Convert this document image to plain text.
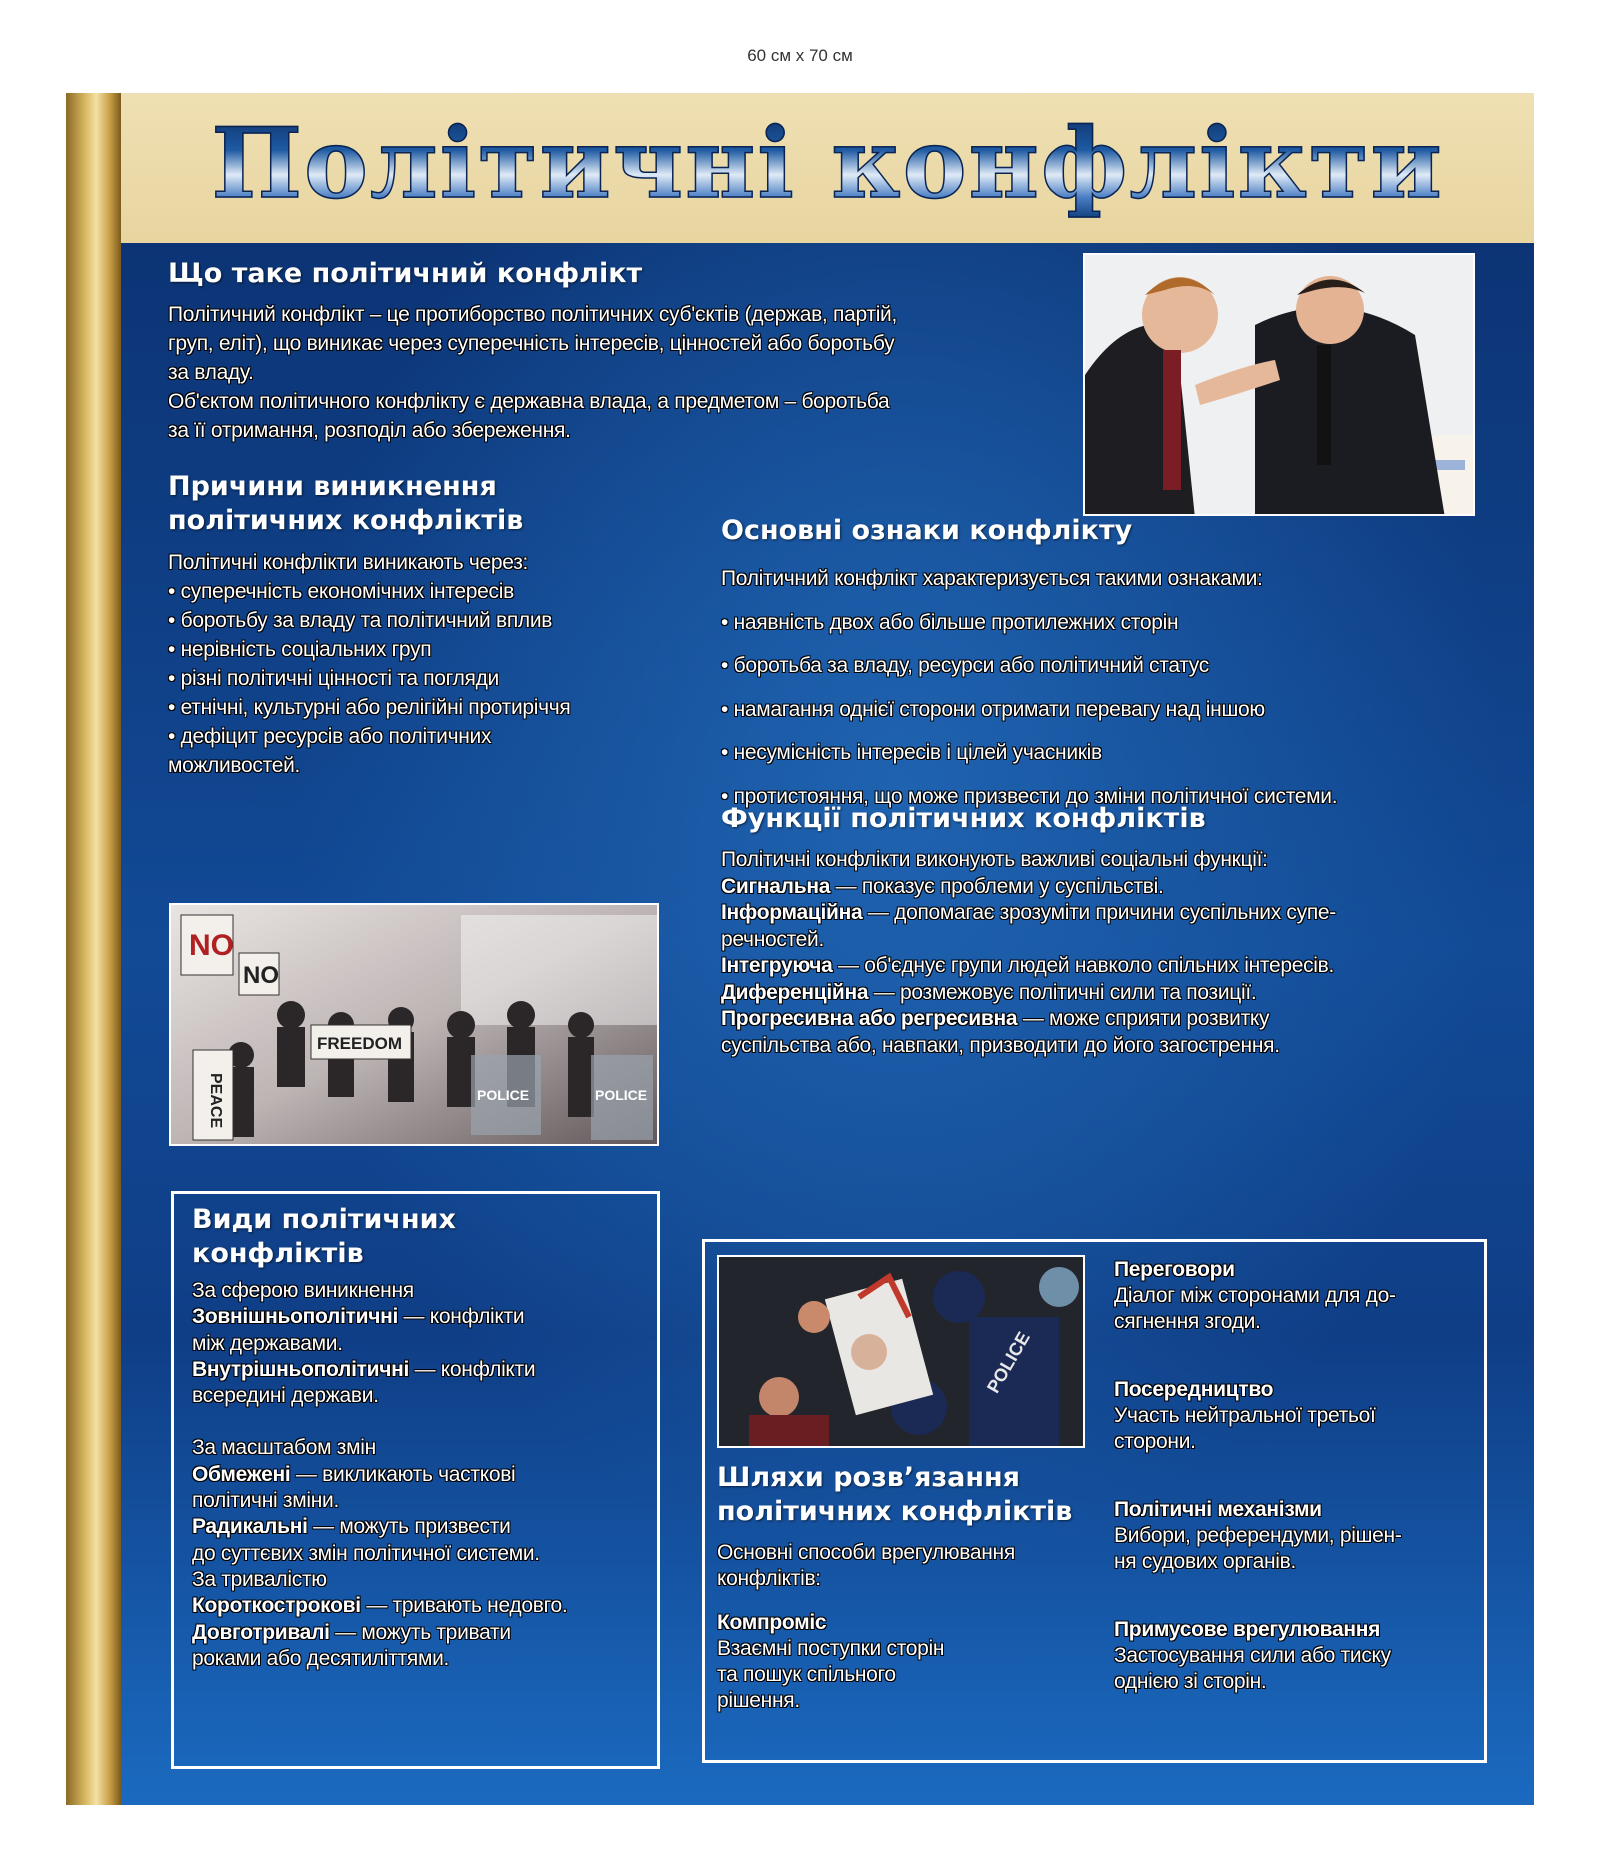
60 см x 70 см
Політичні конфлікти
Що таке політичний конфлікт
Політичний конфлікт – це протиборство політичних суб'єктів (держав, партій,
груп, еліт), що виникає через суперечність інтересів, цінностей або боротьбу
за владу.
Об'єктом політичного конфлікту є державна влада, а предметом – боротьба
за її отримання, розподіл або збереження.
Причини виникнення
політичних конфліктів
Політичні конфлікти виникають через:
• суперечність економічних інтересів
• боротьбу за владу та політичний вплив
• нерівність соціальних груп
• різні політичні цінності та погляди
• етнічні, культурні або релігійні протиріччя
• дефіцит ресурсів або політичних
можливостей.
Основні ознаки конфлікту
Політичний конфлікт характеризується такими ознаками:
• наявність двох або більше протилежних сторін
• боротьба за владу, ресурси або політичний статус
• намагання однієї сторони отримати перевагу над іншою
• несумісність інтересів і цілей учасників
• протистояння, що може призвести до зміни політичної системи.
NO
NO
FREEDOM
PEACE	POLICE	POLICE
Функції політичних конфліктів
Політичні конфлікти виконують важливі соціальні функції:
Сигнальна — показує проблеми у суспільстві.
Інформаційна — допомагає зрозуміти причини суспільних супе-
речностей.
Інтегруюча — об'єднує групи людей навколо спільних інтересів.
Диференційна — розмежовує політичні сили та позиції.
Прогресивна або регресивна — може сприяти розвитку
суспільства або, навпаки, призводити до його загострення.
Види політичних
конфліктів
За сферою виникнення
Зовнішньополітичні — конфлікти
між державами.
Внутрішньополітичні — конфлікти
всередині держави.
За масштабом змін
Обмежені — викликають часткові
політичні зміни.
Радикальні — можуть призвести
до суттєвих змін політичної системи.
За тривалістю
Короткострокові — тривають недовго.
Довготривалі — можуть тривати
роками або десятиліттями.
POLICE
Шляхи розв’язання
політичних конфліктів
Основні способи врегулювання
конфліктів:
Компроміс
Взаємні поступки сторін
та пошук спільного
рішення.
Переговори
Діалог між сторонами для до-
сягнення згоди.
Посередництво
Участь нейтральної третьої
сторони.
Політичні механізми
Вибори, референдуми, рішен-
ня судових органів.
Примусове врегулювання
Застосування сили або тиску
однією зі сторін.
